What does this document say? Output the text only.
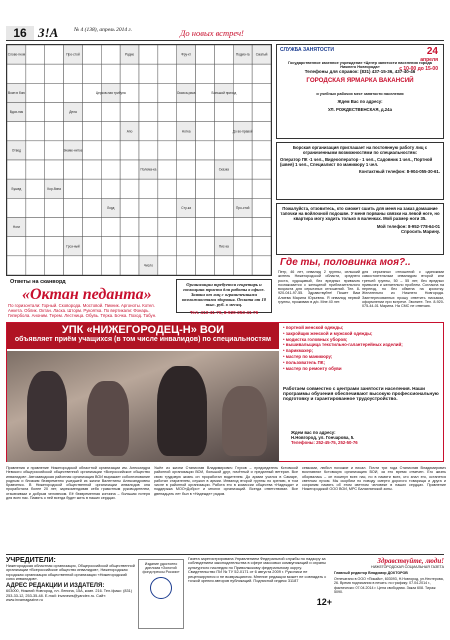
16 З!А	№ 4 (138), апрель 2014 г.	До новых встреч!
Слово-гном	Про-стой	Радио	Фру-кт	Подмо-га Сжатый
Воин в бою	Церков-ная трибуна	Оксиса-рика	Большой приход
Вдох-ник	Дела
Апо	Нотка	До во-правой
Отвод	Знаме-нитое
Полома-ка	Сказка
Бушед	Кор-бина
Лорд	Сту-ка	Про-стой
Ноги
Гроз-ный
Число
Пис-ка
Ответы на сканворд
«Октан педанта»
По горизонтали: Горный. Сковорода. Мостовой. Пикник. Аргоноты. Котел. Анкета. Облик. Октан. Ласка. Шторм. Рукоятка. По вертикали: Фонарь. Гипербола. Аноним. Терем. Лестница. Обувь. Тёрка. Бочка. Поход. Табун.
Организации требуется секретарь и помощник юриста для работы в офисе. Заявки от лиц с ограниченными возможностями здоровья. Оплата от 10 тыс. руб. в месяц.
Тел. 413-41-76, 8-920-253-41-76
СЛУЖБА ЗАНЯТОСТИ	24
апреля
с 10-00 до 15-00
Государственное казенное учреждение «Центр занятости населения города Нижнего Новгорода»
Телефоны для справок: (831) 437-15-36, 437-40-46
ГОРОДСКАЯ ЯРМАРКА ВАКАНСИЙ
и учебных рабочих мест занятости населения
Ждем Вас по адресу:
УЛ. РОЖДЕСТВЕНСКАЯ, д.24а
Борская организация приглашает на постоянную работу лиц с ограниченными возможностями по специальностям:
Оператор ПК -1 чел., Видеооператор - 1 чел., Садовник 1 чел., Портной (швея) 1 чел., Специалист по маникюру 1 чел.
Контактный телефон: 8-904-055-30-61.
Пожалуйста, отзовитесь, кто сможет сшить для меня на заказ домашние тапочки на войлочной подошве. У меня порваны связки на левой ноге, но квартира могу ходить только в валенках. Мой размер ноги 35.
Мой телефон: 8-952-778-64-01
Спросить Марину.
Где ты, половинка моя?..
Петр, 46 лет, инвалид 2 группы, сельский житель Нижегородской области, среднего роста, худощавый, без вредных привычек познакомится с женщиной приблизительного возраста для серьезных отношений. Тел. 8-920-041-97-55. Здравствуйте! Пишет Вам Алиева Марина Юрьевна. Я инвалид первой группы, проживаю в д/и. Мне 40 лет.
для серьезных отношений с одинокими самостоятельным инвалидом второй или третьей группы, 50 – 55 лет, без вредных привычек и желательно проблем. Согласна на переезд, но без обмена на крохотку. Желательно из Нижнего Новгорода. Заинтересованных прошу ответить письмом, оформлении при встрече. Звоните. Тел. 8-920-075-44-01 Марина. На СМС не отвечаю.
УПК «НИЖЕГОРОДЕЦ-Н» ВОИ
объявляет приём учащихся (в том числе инвалидов) по специальностям
• портной женской одежды;
• закройщик женской и мужской одежды;
• модистка головных уборов;
• вышивальщица текстильно-галантерейных изделий;
• парикмахер;
• мастер по маникюру;
• пользователь ПК;
• мастер по ремонту обуви
Работаем совместно с центрами занятости населения. Наши программы обучения обеспечивают высокую профессиональную подготовку и гарантированное трудоустройство.
Ждем вас по адресу:
Н.Новгород, ул. Гончарова, 5.
Телефоны: 252-45-75, 252-50-76
Правления и правление Нижегородской областной организации им. Александра Невского общероссийской общественной организации «Всероссийское общество инвалидов». Автозаводская районная организация ВОИ выражает соболезнование родным и близким безвременно ушедшей из жизни Валентины Александровны Кравченко. В Нижегородской общественной организации инвалидов она проработала более 20 лет, зарекомендовав себя грамотным руководителем, отзывчивым и добрым человеком. Её безвременная кончина – большая потеря для всех нас. Память о ней всегда будет жить в наших сердцах.
Ушёл из жизни Станислав Владимирович Глухов – председатель Кстовской районной организации ВОИ, большой друг, почётный и преданный ветеран. Все свою трудовую жизнь он проработал водителем. До армии учился в Самаре, работал старателем, служил в армии. Инвалид второй группы по зрению, в том числе в районной организации. Работа его в комиссии общества «Надежда» и поддержка МОО«Добро» и многих организаций. Всегда ответствовал. Все двенадцать лет был в «Надежде» рядом.
семьями, любил похожие и писал. Почти три года Станислав Владимирович возглавлял Кстовскую организацию ВОИ, за это время отмечен. Его жизнь оборвалась – он покинул всех нас, но в памяти всех, кто знал его, останется светлым лучом. Мы скорбим по поводу смерти дорогого товарища и друга и сохраним память об этом светлом человеке в наших сердцах. Правление Нижегородской ООО ВОИ, МРС Балахнинской зоны.
УЧРЕДИТЕЛИ:
Нижегородская областная организация, Общероссийской общественной организации «Всероссийское общество инвалидов», Нижегородская городская организация общественной организации «Нижегородский союз инвалидов».
АДРЕС РЕДАКЦИИ И ИЗДАТЕЛЯ:
603000, Нижний Новгород, пл. Ленина, 15А, комн. 216. Тел./факс: (831) 253-33-12, 253-35-48. E-mail: invanews@yandex.ru. Сайт: www.invamagazine.ru
Издание удостоено диплома «Золотой фонд прессы России»
Газета зарегистрирована Управлением Федеральной службы по надзору за соблюдением законодательства в сфере массовых коммуникаций и охраны культурного наследия по Приволжскому федеральному округу. Свидетельство ПИ № ТУ 52-0171 от 6 августа 2009 г. Рукописи не рецензируются и не возвращаются. Мнение редакции может не совпадать с точкой зрения авторов публикаций. Подписной индекс 31187
12+
Здравствуйте, люди!
НИЖЕГОРОДСКАЯ СОЦИАЛЬНАЯ ГАЗЕТА
Главный редактор Владимир ДОКТОРОВ
Отпечатано в ООО «Пикайк», 603093, Н.Новгород, ул.Нестерова, 26. Время подписания в печать: по графику: 07.04.2014 г., фактически: 07.04.2014 г. Цена свободная. Заказ 608. Тираж 5090.
